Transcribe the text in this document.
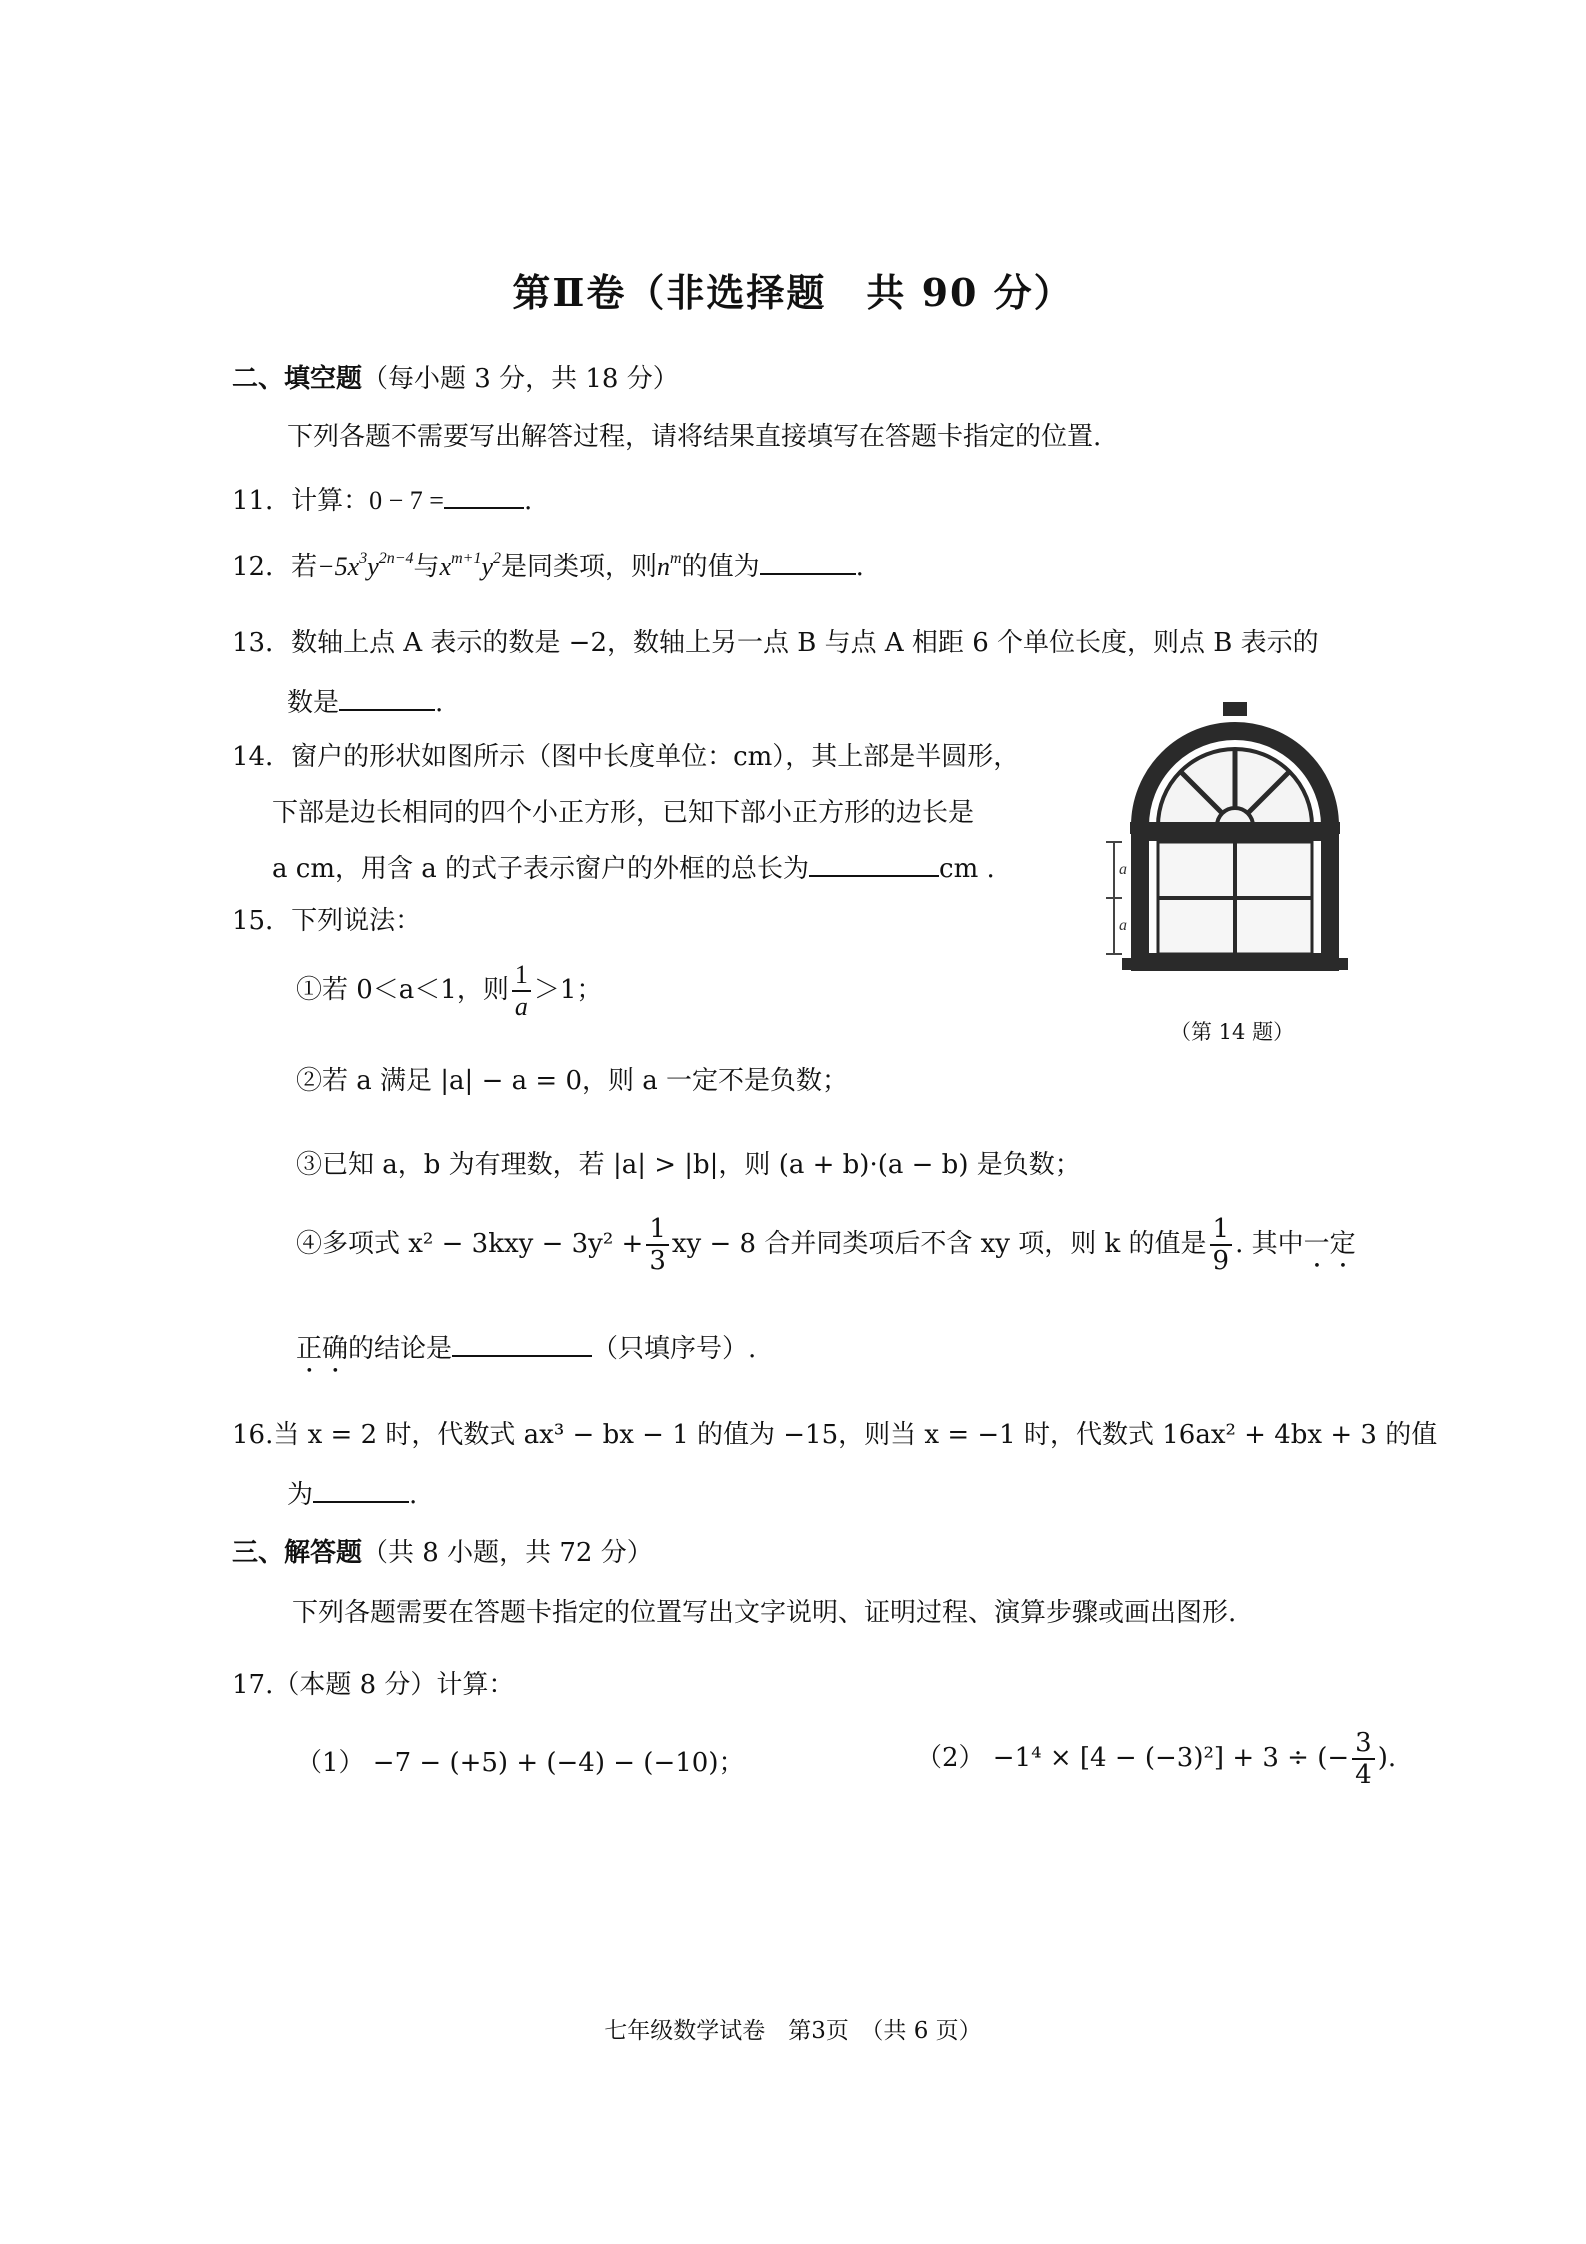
第Ⅱ卷（非选择题　共 90 分）
二、填空题（每小题 3 分，共 18 分）
下列各题不需要写出解答过程，请将结果直接填写在答题卡指定的位置.
11．计算：0 − 7 =	.
12．若$-5x^3y^{2n-4}$与$x^{m+1}y^2$是同类项，则$n^m$的值为	.
13．数轴上点 A 表示的数是 −2，数轴上另一点 B 与点 A 相距 6 个单位长度，则点 B 表示的
数是	.
14．窗户的形状如图所示（图中长度单位：cm），其上部是半圆形，
下部是边长相同的四个小正方形，已知下部小正方形的边长是
a cm，用含 a 的式子表示窗户的外框的总长为	cm .	a
a
（第 14 题）
15．下列说法：
①若 0＜a＜1，则 $\frac{1}{a} >1$；
②若 a 满足 |a| − a = 0，则 a 一定不是负数；
③已知 a，b 为有理数，若 |a| > |b|，则 (a + b)·(a − b) 是负数；
④多项式 $x^2 - 3kxy - 3y^2 + \frac{1}{3}$ xy − 8 合并同类项后不含 xy 项，则 k 的值是 $\frac{1}{9}$ . 其中一定
正确的结论是	（只填序号）.
16.当 x = 2 时，代数式 ax³ − bx − 1 的值为 −15，则当 x = −1 时，代数式 16ax² + 4bx + 3 的值
为	.
三、解答题（共 8 小题，共 72 分）
下列各题需要在答题卡指定的位置写出文字说明、证明过程、演算步骤或画出图形.
17.（本题 8 分）计算：
（1） −7 − (+5) + (−4) − (−10)；	（2） −1⁴ × [4 − (−3)²] + 3 ÷ (− $\frac{3}{4}$ ).
七年级数学试卷　第3页　（共 6 页）
